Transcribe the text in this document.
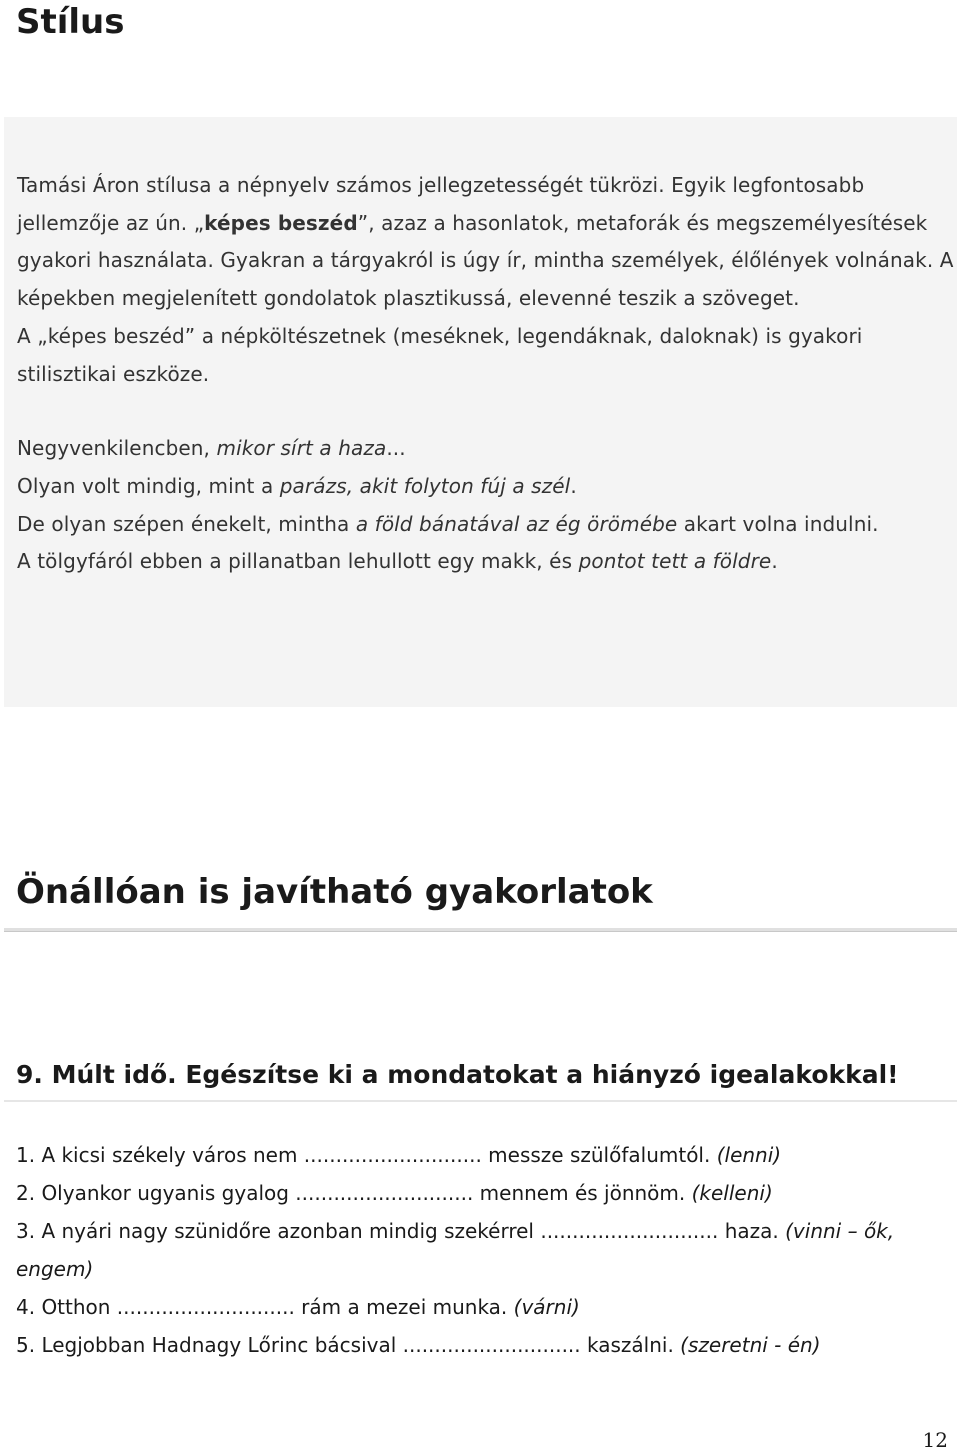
Stílus

Tamási Áron stílusa a népnyelv számos jellegzetességét tükrözi. Egyik legfontosabb jellemzője az ún. „képes beszéd”, azaz a hasonlatok, metaforák és megszemélyesítések gyakori használata. Gyakran a tárgyakról is úgy ír, mintha személyek, élőlények volnának. A képekben megjelenített gondolatok plasztikussá, elevenné teszik a szöveget.

A „képes beszéd” a népköltészetnek (meséknek, legendáknak, daloknak) is gyakori stilisztikai eszköze.

Negyvenkilencben, mikor sírt a haza...

Olyan volt mindig, mint a parázs, akit folyton fúj a szél.

De olyan szépen énekelt, mintha a föld bánatával az ég örömébe akart volna indulni.

A tölgyfáról ebben a pillanatban lehullott egy makk, és pontot tett a földre.

Önállóan is javítható gyakorlatok
9. Múlt idő. Egészítse ki a mondatokat a hiányzó igealakokkal!
1. A kicsi székely város nem ............................ messze szülőfalumtól. (lenni)
2. Olyankor ugyanis gyalog ............................ mennem és jönnöm. (kelleni)
3. A nyári nagy szünidőre azonban mindig szekérrel ............................ haza. (vinni – ők, engem)
4. Otthon ............................ rám a mezei munka. (várni)
5. Legjobban Hadnagy Lőrinc bácsival ............................ kaszálni. (szeretni - én)
12
